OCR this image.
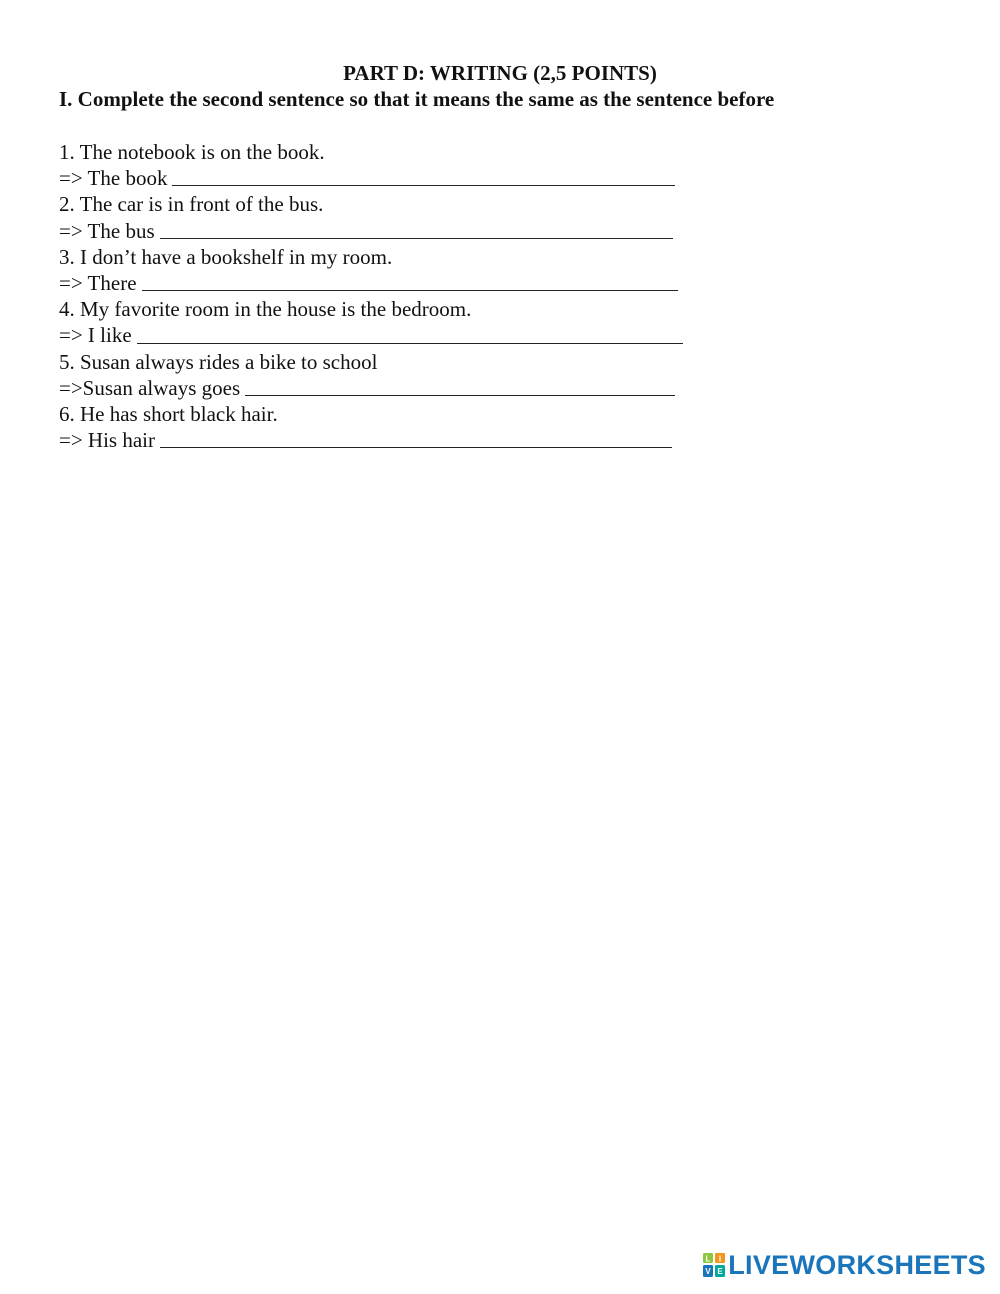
PART D: WRITING (2,5 POINTS)
I. Complete the second sentence so that it means the same as the sentence before
1. The notebook is on the book.
=> The book
2. The car is in front of the bus.
=> The bus
3. I don’t have a bookshelf in my room.
=> There
4. My favorite room in the house is the bedroom.
=> I like
5. Susan always rides a bike to school
=>Susan always goes
6. He has short black hair.
=> His hair
L I
V E LIVEWORKSHEETS
